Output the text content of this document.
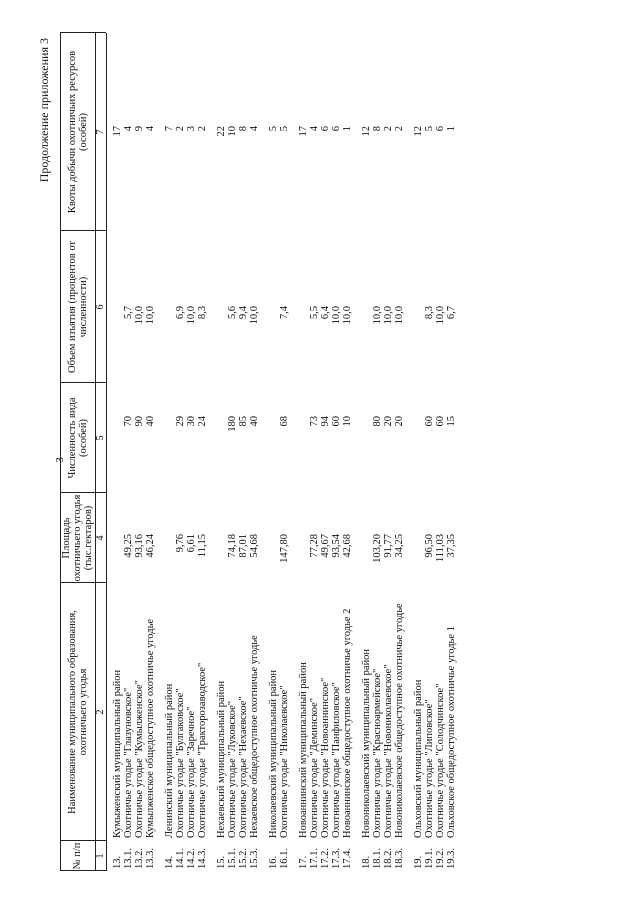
3
Продолжение приложения 3
№ п/п
Наименование муниципального образования, охотничьего угодья
Площадь охотничьего угодья (тыс.гектаров)
Численность вида (особей)
Объем изъятия (процентов от численности)
Квоты добычи охотничьих ресурсов (особей)
1
2
4
5
6
7
13.
Кумыженский муниципальный район
17
13.1.
Охотничье угодье "Глазуновское"
49,25
70
5,7
4
13.2.
Охотничье угодье "Кумылженское"
93,16
90
10,0
9
13.3.
Кумылженское общедоступное охотничье угодье
46,24
40
10,0
4
14.
Ленинский муниципальный район
7
14.1.
Охотничье угодье "Булгаковское"
9,76
29
6,9
2
14.2.
Охотничье угодье "Заречное"
6,61
30
10,0
3
14.3.
Охотничье угодье "Тракторозаводское"
11,15
24
8,3
2
15.
Нехаевский муниципальный район
22
15.1.
Охотничье угодье "Луковское"
74,18
180
5,6
10
15.2.
Охотничье угодье "Нехаевское"
87,01
85
9,4
8
15.3.
Нехаевское общедоступное охотничье угодье
54,68
40
10,0
4
16.
Николаевский муниципальный район
5
16.1.
Охотничье угодье "Николаевское"
147,80
68
7,4
5
17.
Новоаннинский муниципальный район
17
17.1.
Охотничье угодье "Деминское"
77,28
73
5,5
4
17.2.
Охотничье угодье "Новоаннинское"
49,67
94
6,4
6
17.3.
Охотничье угодье "Панфиловское"
93,54
60
10,0
6
17.4.
Новоаннинское общедоступное охотничье угодье 2
42,68
10
10,0
1
18.
Новониколаевский муниципальный район
12
18.1.
Охотничье угодье "Красноармейское"
103,20
80
10,0
8
18.2.
Охотничье угодье "Новониколаевское"
91,77
20
10,0
2
18.3.
Новониколаевское общедоступное охотничье угодье
34,25
20
10,0
2
19.
Ольховский муниципальный район
12
19.1.
Охотничье угодье "Липовское"
96,50
60
8,3
5
19.2.
Охотничье угодье "Солодчинское"
111,03
60
10,0
6
19.3.
Ольховское общедоступное охотничье угодье 1
37,35
15
6,7
1
